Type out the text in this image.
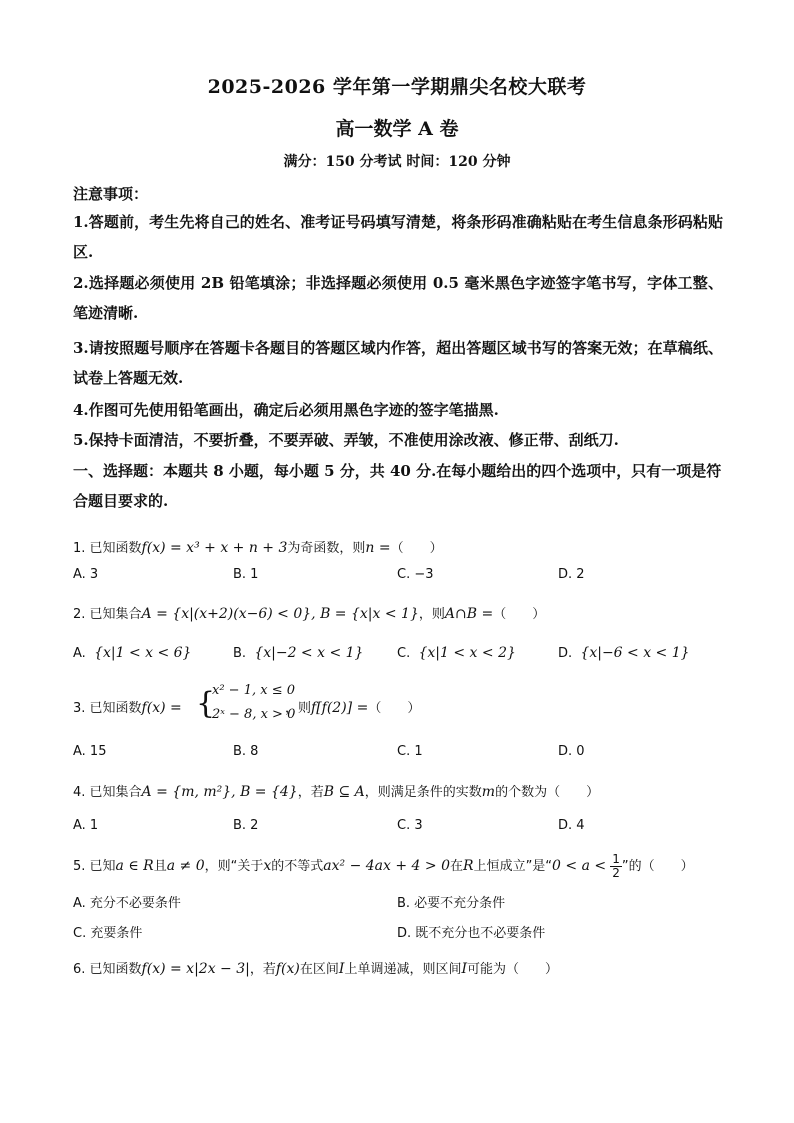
2025-2026 学年第一学期鼎尖名校大联考
高一数学 A 卷
满分：150 分考试 时间：120 分钟
注意事项：
1.答题前，考生先将自己的姓名、准考证号码填写清楚，将条形码准确粘贴在考生信息条形码粘贴区.
2.选择题必须使用 2B 铅笔填涂；非选择题必须使用 0.5 毫米黑色字迹签字笔书写，字体工整、笔迹清晰.
3.请按照题号顺序在答题卡各题目的答题区域内作答，超出答题区域书写的答案无效；在草稿纸、试卷上答题无效.
4.作图可先使用铅笔画出，确定后必须用黑色字迹的签字笔描黑.
5.保持卡面清洁，不要折叠，不要弄破、弄皱，不准使用涂改液、修正带、刮纸刀.
一、选择题：本题共 8 小题，每小题 5 分，共 40 分.在每小题给出的四个选项中，只有一项是符合题目要求的.
1. 已知函数f(x) = x³ + x + n + 3为奇函数，则n =（　　）
A. 3	B. 1	C. −3	D. 2
2. 已知集合A = {x|(x+2)(x−6) < 0}, B = {x|x < 1}，则A∩B =（　　）
A. {x|1 < x < 6}	B. {x|−2 < x < 1}	C. {x|1 < x < 2}	D. {x|−6 < x < 1}
3. 已知函数f(x) = {
x² − 1, x ≤ 0
2ˣ − 8, x > 0
，则f[f(2)] =（　　）
A. 15	B. 8	C. 1	D. 0
4. 已知集合A = {m, m²}, B = {4}，若B ⊆ A，则满足条件的实数m的个数为（　　）
A. 1	B. 2	C. 3	D. 4
5. 已知a ∈ R且a ≠ 0，则“关于x的不等式ax² − 4ax + 4 > 0在R上恒成立”是“$0 < a < \frac{1}{2}$ ”的（　　）
A. 充分不必要条件	B. 必要不充分条件
C. 充要条件	D. 既不充分也不必要条件
6. 已知函数f(x) = x|2x − 3|，若f(x)在区间I上单调递减，则区间I可能为（　　）
